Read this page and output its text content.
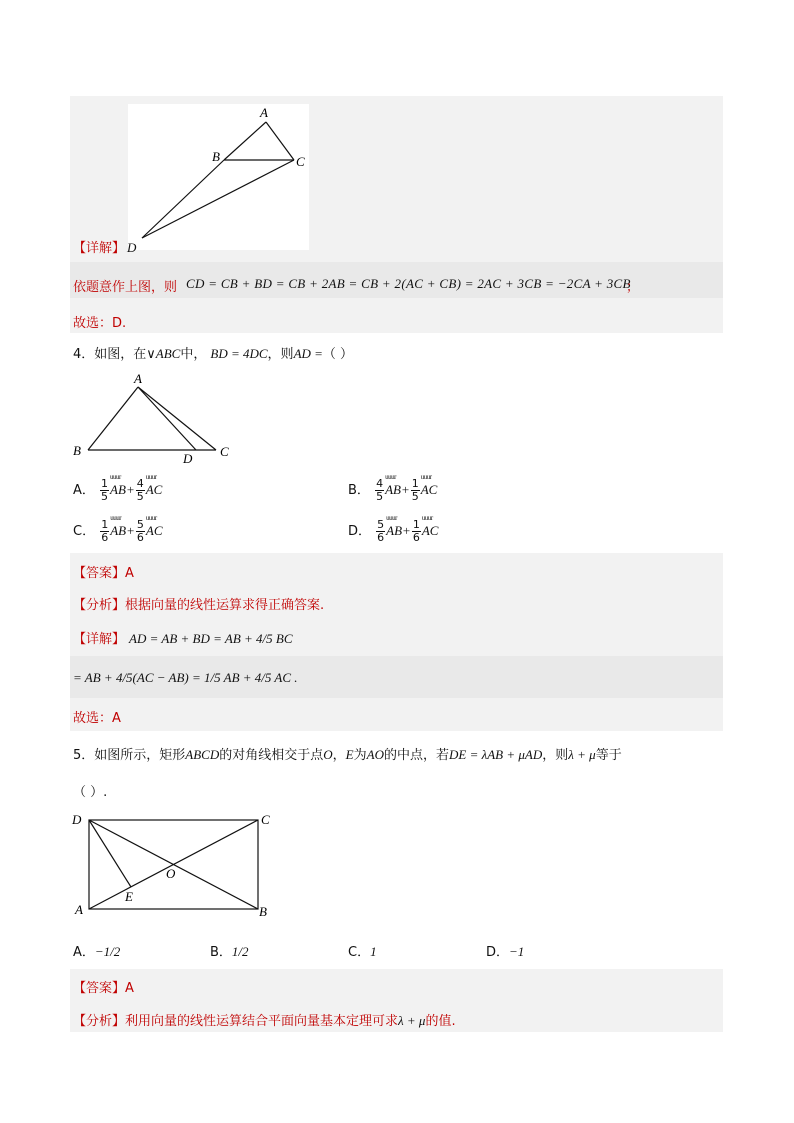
A
B	C
【详解】 D
依题意作上图，则 CD = CB + BD = CB + 2AB = CB + 2(AC + CB) = 2AC + 3CB = −2CA + 3CB
；
故选：D.
4．如图，在∨ABC中， BD = 4DC，则AD =（ ）
A
B	C
D
A． $\frac{1}{5}$ uuur $AB+ \frac{4}{5}$ uuur AC	B． $\frac{4}{5}$ uuur $AB+ \frac{1}{5}$ uuur AC
C． $\frac{1}{6}$ uuur $AB+ \frac{5}{6}$ uuur AC	D． $\frac{5}{6}$ uuur $AB+ \frac{1}{6}$ uuur AC
【答案】A
【分析】根据向量的线性运算求得正确答案.
【详解】 AD = AB + BD = AB + 4/5 BC
= AB + 4/5(AC − AB) = 1/5 AB + 4/5 AC .
故选：A
5．如图所示，矩形ABCD的对角线相交于点O，E为AO的中点，若DE = λAB + μAD，则λ + μ等于
（ ）.
D	C
A	B
E
O
A．−1/2	B．1/2	C．1	D．−1
【答案】A
【分析】利用向量的线性运算结合平面向量基本定理可求λ + μ的值.
